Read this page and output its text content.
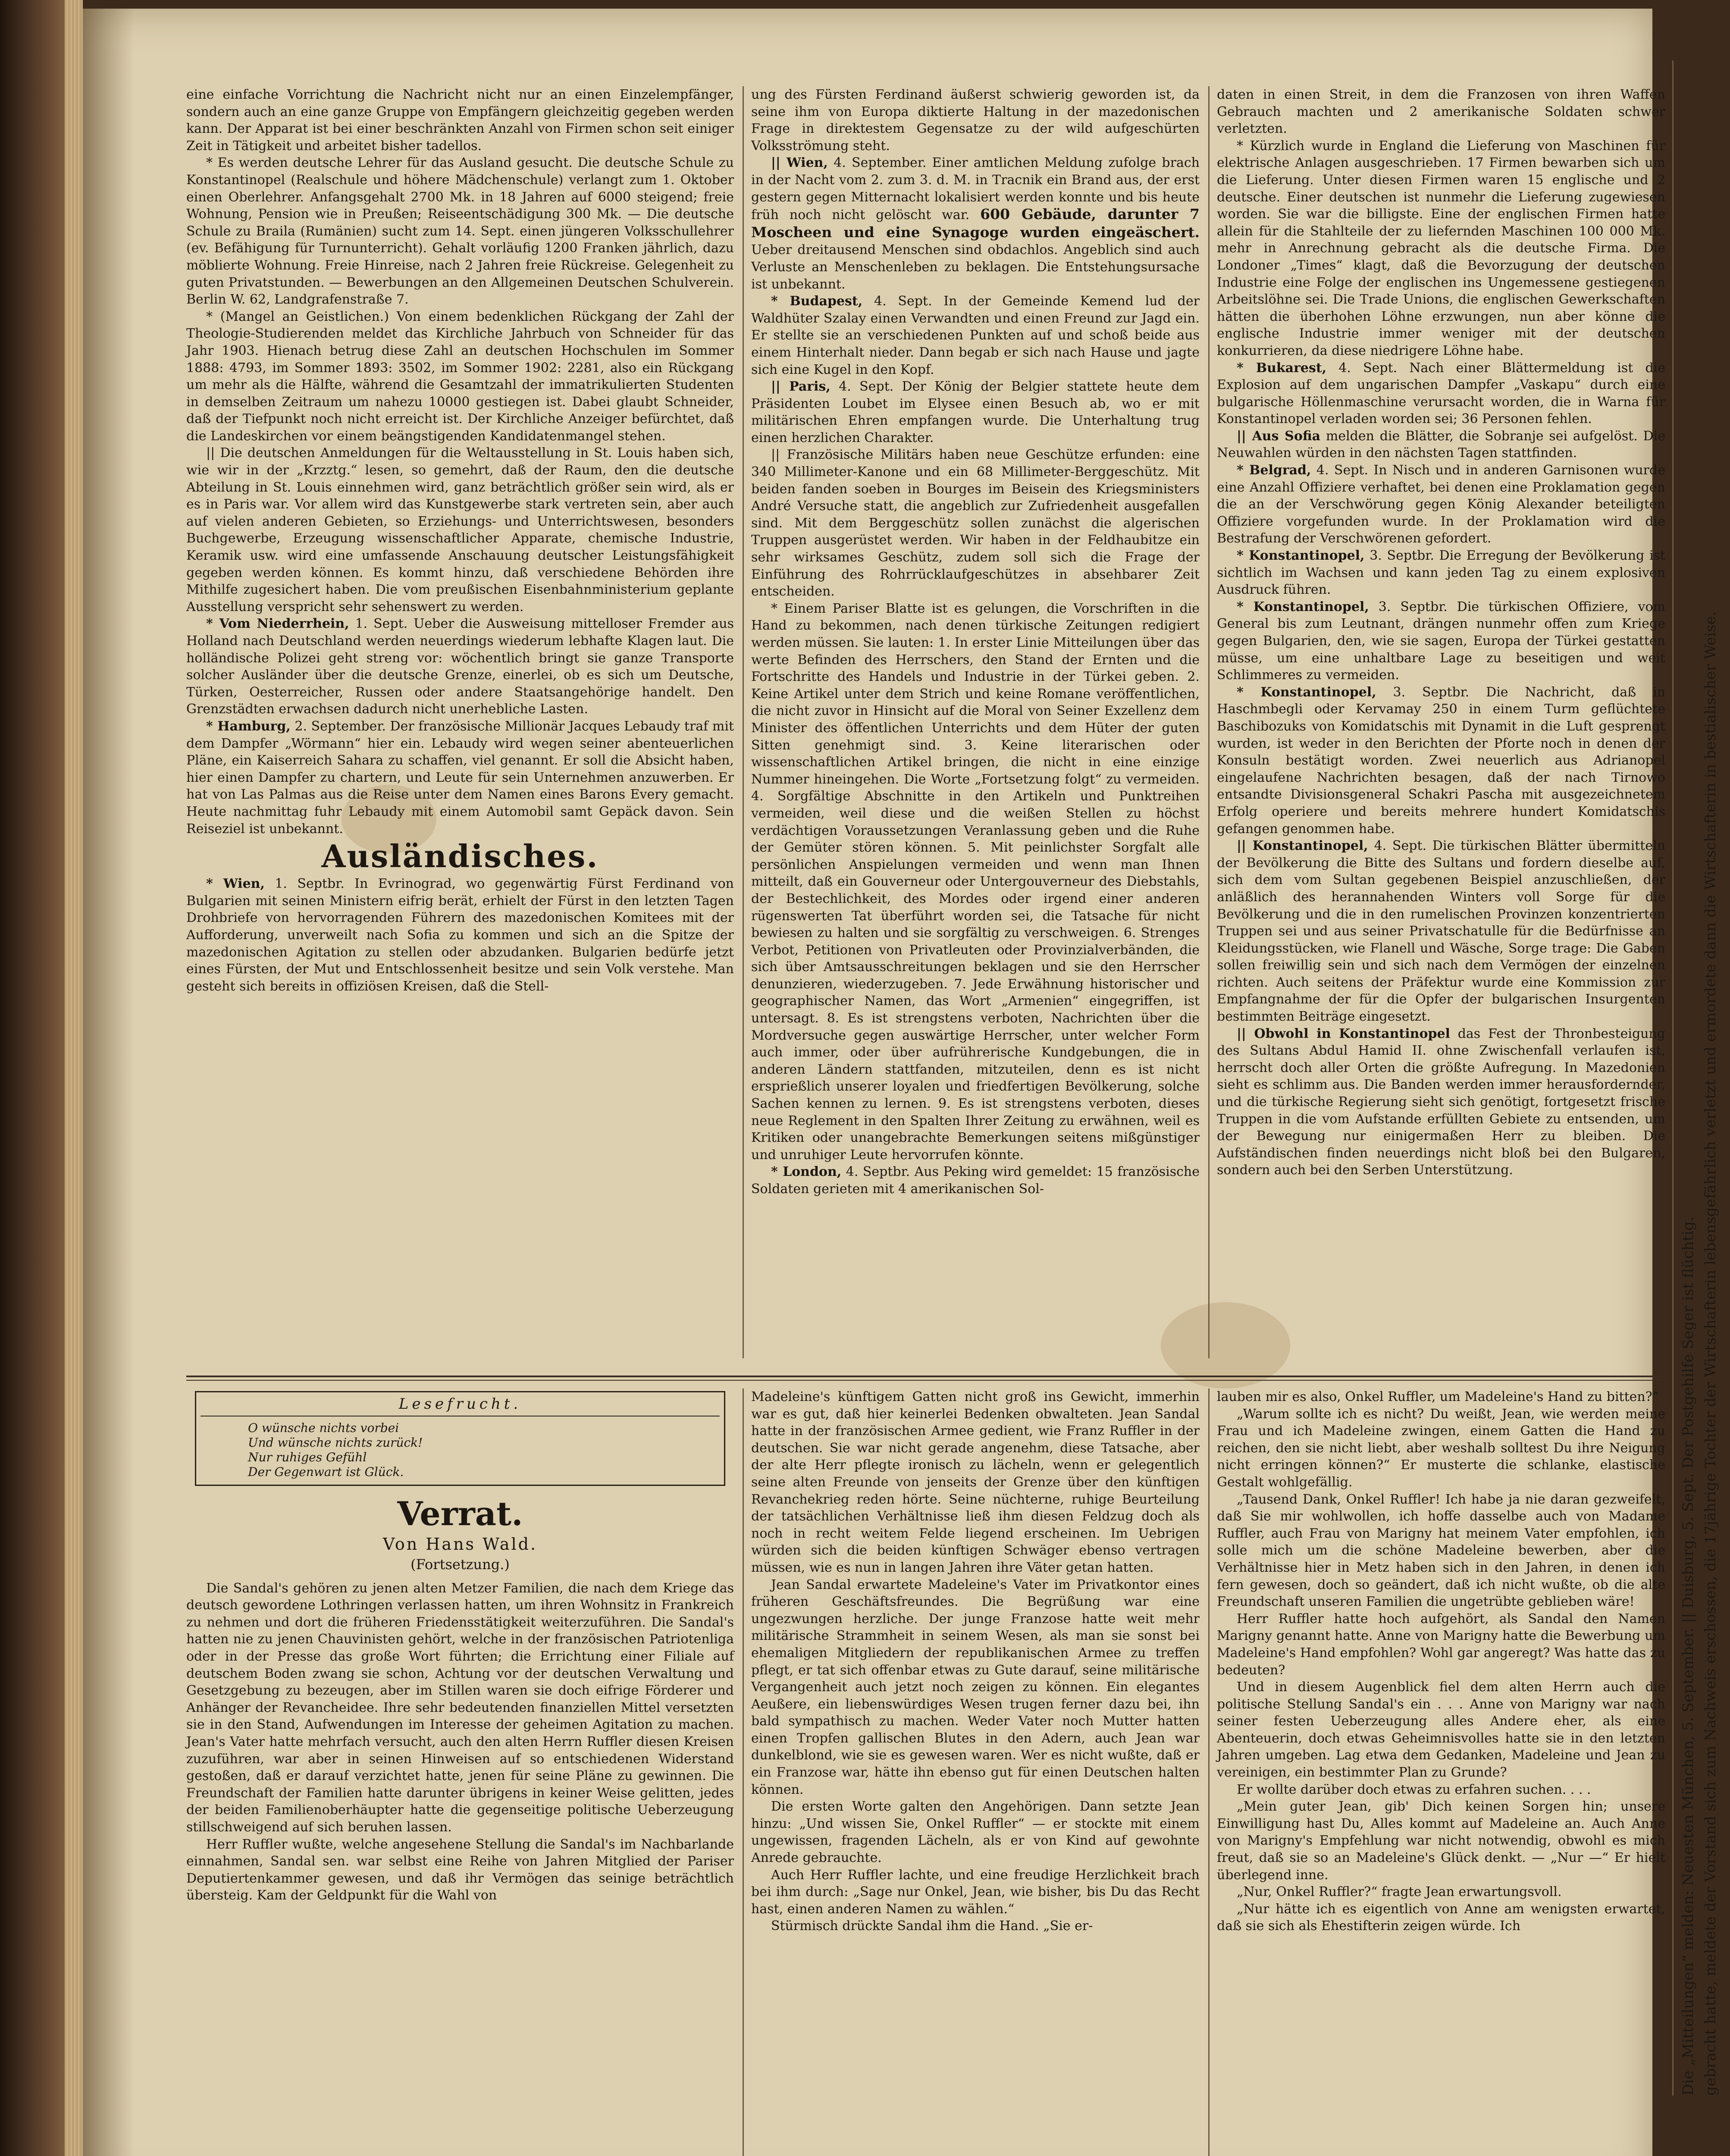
eine einfache Vorrichtung die Nachricht nicht nur an einen Einzelempfänger, sondern auch an eine ganze Gruppe von Empfängern gleichzeitig gegeben werden kann. Der Apparat ist bei einer beschränkten Anzahl von Firmen schon seit einiger Zeit in Tätigkeit und arbeitet bisher tadellos.

* Es werden deutsche Lehrer für das Ausland gesucht. Die deutsche Schule zu Konstantinopel (Realschule und höhere Mädchenschule) verlangt zum 1. Oktober einen Oberlehrer. Anfangsgehalt 2700 Mk. in 18 Jahren auf 6000 steigend; freie Wohnung, Pension wie in Preußen; Reiseentschädigung 300 Mk. — Die deutsche Schule zu Braila (Rumänien) sucht zum 14. Sept. einen jüngeren Volksschullehrer (ev. Befähigung für Turnunterricht). Gehalt vorläufig 1200 Franken jährlich, dazu möblierte Wohnung. Freie Hinreise, nach 2 Jahren freie Rückreise. Gelegenheit zu guten Privatstunden. — Bewerbungen an den Allgemeinen Deutschen Schulverein. Berlin W. 62, Landgrafenstraße 7.

* (Mangel an Geistlichen.) Von einem bedenklichen Rückgang der Zahl der Theologie-Studierenden meldet das Kirchliche Jahrbuch von Schneider für das Jahr 1903. Hienach betrug diese Zahl an deutschen Hochschulen im Sommer 1888: 4793, im Sommer 1893: 3502, im Sommer 1902: 2281, also ein Rückgang um mehr als die Hälfte, während die Gesamtzahl der immatrikulierten Studenten in demselben Zeitraum um nahezu 10000 gestiegen ist. Dabei glaubt Schneider, daß der Tiefpunkt noch nicht erreicht ist. Der Kirchliche Anzeiger befürchtet, daß die Landeskirchen vor einem beängstigenden Kandidatenmangel stehen.

|| Die deutschen Anmeldungen für die Weltausstellung in St. Louis haben sich, wie wir in der „Krzztg.“ lesen, so gemehrt, daß der Raum, den die deutsche Abteilung in St. Louis einnehmen wird, ganz beträchtlich größer sein wird, als er es in Paris war. Vor allem wird das Kunstgewerbe stark vertreten sein, aber auch auf vielen anderen Gebieten, so Erziehungs- und Unterrichtswesen, besonders Buchgewerbe, Erzeugung wissenschaftlicher Apparate, chemische Industrie, Keramik usw. wird eine umfassende Anschauung deutscher Leistungsfähigkeit gegeben werden können. Es kommt hinzu, daß verschiedene Behörden ihre Mithilfe zugesichert haben. Die vom preußischen Eisenbahnministerium geplante Ausstellung verspricht sehr sehenswert zu werden.

* Vom Niederrhein, 1. Sept. Ueber die Ausweisung mittelloser Fremder aus Holland nach Deutschland werden neuerdings wiederum lebhafte Klagen laut. Die holländische Polizei geht streng vor: wöchentlich bringt sie ganze Transporte solcher Ausländer über die deutsche Grenze, einerlei, ob es sich um Deutsche, Türken, Oesterreicher, Russen oder andere Staatsangehörige handelt. Den Grenzstädten erwachsen dadurch nicht unerhebliche Lasten.

* Hamburg, 2. September. Der französische Millionär Jacques Lebaudy traf mit dem Dampfer „Wörmann“ hier ein. Lebaudy wird wegen seiner abenteuerlichen Pläne, ein Kaiserreich Sahara zu schaffen, viel genannt. Er soll die Absicht haben, hier einen Dampfer zu chartern, und Leute für sein Unternehmen anzuwerben. Er hat von Las Palmas aus die Reise unter dem Namen eines Barons Every gemacht. Heute nachmittag fuhr Lebaudy mit einem Automobil samt Gepäck davon. Sein Reiseziel ist unbekannt.

Ausländisches.

* Wien, 1. Septbr. In Evrinograd, wo gegenwärtig Fürst Ferdinand von Bulgarien mit seinen Ministern eifrig berät, erhielt der Fürst in den letzten Tagen Drohbriefe von hervorragenden Führern des mazedonischen Komitees mit der Aufforderung, unverweilt nach Sofia zu kommen und sich an die Spitze der mazedonischen Agitation zu stellen oder abzudanken. Bulgarien bedürfe jetzt eines Fürsten, der Mut und Entschlossenheit besitze und sein Volk verstehe. Man gesteht sich bereits in offiziösen Kreisen, daß die Stell-

ung des Fürsten Ferdinand äußerst schwierig geworden ist, da seine ihm von Europa diktierte Haltung in der mazedonischen Frage in direktestem Gegensatze zu der wild aufgeschürten Volksströmung steht.

|| Wien, 4. September. Einer amtlichen Meldung zufolge brach in der Nacht vom 2. zum 3. d. M. in Tracnik ein Brand aus, der erst gestern gegen Mitternacht lokalisiert werden konnte und bis heute früh noch nicht gelöscht war. 600 Gebäude, darunter 7 Moscheen und eine Synagoge wurden eingeäschert. Ueber dreitausend Menschen sind obdachlos. Angeblich sind auch Verluste an Menschenleben zu beklagen. Die Entstehungsursache ist unbekannt.

* Budapest, 4. Sept. In der Gemeinde Kemend lud der Waldhüter Szalay einen Verwandten und einen Freund zur Jagd ein. Er stellte sie an verschiedenen Punkten auf und schoß beide aus einem Hinterhalt nieder. Dann begab er sich nach Hause und jagte sich eine Kugel in den Kopf.

|| Paris, 4. Sept. Der König der Belgier stattete heute dem Präsidenten Loubet im Elysee einen Besuch ab, wo er mit militärischen Ehren empfangen wurde. Die Unterhaltung trug einen herzlichen Charakter.

|| Französische Militärs haben neue Geschütze erfunden: eine 340 Millimeter-Kanone und ein 68 Millimeter-Berggeschütz. Mit beiden fanden soeben in Bourges im Beisein des Kriegsministers André Versuche statt, die angeblich zur Zufriedenheit ausgefallen sind. Mit dem Berggeschütz sollen zunächst die algerischen Truppen ausgerüstet werden. Wir haben in der Feldhaubitze ein sehr wirksames Geschütz, zudem soll sich die Frage der Einführung des Rohrrücklaufgeschützes in absehbarer Zeit entscheiden.

* Einem Pariser Blatte ist es gelungen, die Vorschriften in die Hand zu bekommen, nach denen türkische Zeitungen redigiert werden müssen. Sie lauten: 1. In erster Linie Mitteilungen über das werte Befinden des Herrschers, den Stand der Ernten und die Fortschritte des Handels und Industrie in der Türkei geben. 2. Keine Artikel unter dem Strich und keine Romane veröffentlichen, die nicht zuvor in Hinsicht auf die Moral von Seiner Exzellenz dem Minister des öffentlichen Unterrichts und dem Hüter der guten Sitten genehmigt sind. 3. Keine literarischen oder wissenschaftlichen Artikel bringen, die nicht in eine einzige Nummer hineingehen. Die Worte „Fortsetzung folgt“ zu vermeiden. 4. Sorgfältige Abschnitte in den Artikeln und Punktreihen vermeiden, weil diese und die weißen Stellen zu höchst verdächtigen Voraussetzungen Veranlassung geben und die Ruhe der Gemüter stören können. 5. Mit peinlichster Sorgfalt alle persönlichen Anspielungen vermeiden und wenn man Ihnen mitteilt, daß ein Gouverneur oder Untergouverneur des Diebstahls, der Bestechlichkeit, des Mordes oder irgend einer anderen rügenswerten Tat überführt worden sei, die Tatsache für nicht bewiesen zu halten und sie sorgfältig zu verschweigen. 6. Strenges Verbot, Petitionen von Privatleuten oder Provinzialverbänden, die sich über Amtsausschreitungen beklagen und sie den Herrscher denunzieren, wiederzugeben. 7. Jede Erwähnung historischer und geographischer Namen, das Wort „Armenien“ eingegriffen, ist untersagt. 8. Es ist strengstens verboten, Nachrichten über die Mordversuche gegen auswärtige Herrscher, unter welcher Form auch immer, oder über aufrührerische Kundgebungen, die in anderen Ländern stattfanden, mitzuteilen, denn es ist nicht ersprießlich unserer loyalen und friedfertigen Bevölkerung, solche Sachen kennen zu lernen. 9. Es ist strengstens verboten, dieses neue Reglement in den Spalten Ihrer Zeitung zu erwähnen, weil es Kritiken oder unangebrachte Bemerkungen seitens mißgünstiger und unruhiger Leute hervorrufen könnte.

* London, 4. Septbr. Aus Peking wird gemeldet: 15 französische Soldaten gerieten mit 4 amerikanischen Sol-

daten in einen Streit, in dem die Franzosen von ihren Waffen Gebrauch machten und 2 amerikanische Soldaten schwer verletzten.

* Kürzlich wurde in England die Lieferung von Maschinen für elektrische Anlagen ausgeschrieben. 17 Firmen bewarben sich um die Lieferung. Unter diesen Firmen waren 15 englische und 2 deutsche. Einer deutschen ist nunmehr die Lieferung zugewiesen worden. Sie war die billigste. Eine der englischen Firmen hatte allein für die Stahlteile der zu liefernden Maschinen 100 000 Mk. mehr in Anrechnung gebracht als die deutsche Firma. Die Londoner „Times“ klagt, daß die Bevorzugung der deutschen Industrie eine Folge der englischen ins Ungemessene gestiegenen Arbeitslöhne sei. Die Trade Unions, die englischen Gewerkschaften hätten die überhohen Löhne erzwungen, nun aber könne die englische Industrie immer weniger mit der deutschen konkurrieren, da diese niedrigere Löhne habe.

* Bukarest, 4. Sept. Nach einer Blättermeldung ist die Explosion auf dem ungarischen Dampfer „Vaskapu“ durch eine bulgarische Höllenmaschine verursacht worden, die in Warna für Konstantinopel verladen worden sei; 36 Personen fehlen.

|| Aus Sofia melden die Blätter, die Sobranje sei aufgelöst. Die Neuwahlen würden in den nächsten Tagen stattfinden.

* Belgrad, 4. Sept. In Nisch und in anderen Garnisonen wurde eine Anzahl Offiziere verhaftet, bei denen eine Proklamation gegen die an der Verschwörung gegen König Alexander beteiligten Offiziere vorgefunden wurde. In der Proklamation wird die Bestrafung der Verschwörenen gefordert.

* Konstantinopel, 3. Septbr. Die Erregung der Bevölkerung ist sichtlich im Wachsen und kann jeden Tag zu einem explosiven Ausdruck führen.

* Konstantinopel, 3. Septbr. Die türkischen Offiziere, vom General bis zum Leutnant, drängen nunmehr offen zum Kriege gegen Bulgarien, den, wie sie sagen, Europa der Türkei gestatten müsse, um eine unhaltbare Lage zu beseitigen und weit Schlimmeres zu vermeiden.

* Konstantinopel, 3. Septbr. Die Nachricht, daß in Haschmbegli oder Kervamay 250 in einem Turm geflüchtete Baschibozuks von Komidatschis mit Dynamit in die Luft gesprengt wurden, ist weder in den Berichten der Pforte noch in denen der Konsuln bestätigt worden. Zwei neuerlich aus Adrianopel eingelaufene Nachrichten besagen, daß der nach Tirnowo entsandte Divisionsgeneral Schakri Pascha mit ausgezeichnetem Erfolg operiere und bereits mehrere hundert Komidatschis gefangen genommen habe.

|| Konstantinopel, 4. Sept. Die türkischen Blätter übermitteln der Bevölkerung die Bitte des Sultans und fordern dieselbe auf, sich dem vom Sultan gegebenen Beispiel anzuschließen, der anläßlich des herannahenden Winters voll Sorge für die Bevölkerung und die in den rumelischen Provinzen konzentrierten Truppen sei und aus seiner Privatschatulle für die Bedürfnisse an Kleidungsstücken, wie Flanell und Wäsche, Sorge trage: Die Gaben sollen freiwillig sein und sich nach dem Vermögen der einzelnen richten. Auch seitens der Präfektur wurde eine Kommission zur Empfangnahme der für die Opfer der bulgarischen Insurgenten bestimmten Beiträge eingesetzt.

|| Obwohl in Konstantinopel das Fest der Thronbesteigung des Sultans Abdul Hamid II. ohne Zwischenfall verlaufen ist, herrscht doch aller Orten die größte Aufregung. In Mazedonien sieht es schlimm aus. Die Banden werden immer herausfordernder, und die türkische Regierung sieht sich genötigt, fortgesetzt frische Truppen in die vom Aufstande erfüllten Gebiete zu entsenden, um der Bewegung nur einigermaßen Herr zu bleiben. Die Aufständischen finden neuerdings nicht bloß bei den Bulgaren, sondern auch bei den Serben Unterstützung.

Lesefrucht.
O wünsche nichts vorbei
Und wünsche nichts zurück!
Nur ruhiges Gefühl
Der Gegenwart ist Glück.
Verrat.
Von Hans Wald.
(Fortsetzung.)

Die Sandal's gehören zu jenen alten Metzer Familien, die nach dem Kriege das deutsch gewordene Lothringen verlassen hatten, um ihren Wohnsitz in Frankreich zu nehmen und dort die früheren Friedensstätigkeit weiterzuführen. Die Sandal's hatten nie zu jenen Chauvinisten gehört, welche in der französischen Patriotenliga oder in der Presse das große Wort führten; die Errichtung einer Filiale auf deutschem Boden zwang sie schon, Achtung vor der deutschen Verwaltung und Gesetzgebung zu bezeugen, aber im Stillen waren sie doch eifrige Förderer und Anhänger der Revancheidee. Ihre sehr bedeutenden finanziellen Mittel versetzten sie in den Stand, Aufwendungen im Interesse der geheimen Agitation zu machen. Jean's Vater hatte mehrfach versucht, auch den alten Herrn Ruffler diesen Kreisen zuzuführen, war aber in seinen Hinweisen auf so entschiedenen Widerstand gestoßen, daß er darauf verzichtet hatte, jenen für seine Pläne zu gewinnen. Die Freundschaft der Familien hatte darunter übrigens in keiner Weise gelitten, jedes der beiden Familienoberhäupter hatte die gegenseitige politische Ueberzeugung stillschweigend auf sich beruhen lassen.

Herr Ruffler wußte, welche angesehene Stellung die Sandal's im Nachbarlande einnahmen, Sandal sen. war selbst eine Reihe von Jahren Mitglied der Pariser Deputiertenkammer gewesen, und daß ihr Vermögen das seinige beträchtlich übersteig. Kam der Geldpunkt für die Wahl von

Madeleine's künftigem Gatten nicht groß ins Gewicht, immerhin war es gut, daß hier keinerlei Bedenken obwalteten. Jean Sandal hatte in der französischen Armee gedient, wie Franz Ruffler in der deutschen. Sie war nicht gerade angenehm, diese Tatsache, aber der alte Herr pflegte ironisch zu lächeln, wenn er gelegentlich seine alten Freunde von jenseits der Grenze über den künftigen Revanchekrieg reden hörte. Seine nüchterne, ruhige Beurteilung der tatsächlichen Verhältnisse ließ ihm diesen Feldzug doch als noch in recht weitem Felde liegend erscheinen. Im Uebrigen würden sich die beiden künftigen Schwäger ebenso vertragen müssen, wie es nun in langen Jahren ihre Väter getan hatten.

Jean Sandal erwartete Madeleine's Vater im Privatkontor eines früheren Geschäftsfreundes. Die Begrüßung war eine ungezwungen herzliche. Der junge Franzose hatte weit mehr militärische Strammheit in seinem Wesen, als man sie sonst bei ehemaligen Mitgliedern der republikanischen Armee zu treffen pflegt, er tat sich offenbar etwas zu Gute darauf, seine militärische Vergangenheit auch jetzt noch zeigen zu können. Ein elegantes Aeußere, ein liebenswürdiges Wesen trugen ferner dazu bei, ihn bald sympathisch zu machen. Weder Vater noch Mutter hatten einen Tropfen gallischen Blutes in den Adern, auch Jean war dunkelblond, wie sie es gewesen waren. Wer es nicht wußte, daß er ein Franzose war, hätte ihn ebenso gut für einen Deutschen halten können.

Die ersten Worte galten den Angehörigen. Dann setzte Jean hinzu: „Und wissen Sie, Onkel Ruffler“ — er stockte mit einem ungewissen, fragenden Lächeln, als er von Kind auf gewohnte Anrede gebrauchte.

Auch Herr Ruffler lachte, und eine freudige Herzlichkeit brach bei ihm durch: „Sage nur Onkel, Jean, wie bisher, bis Du das Recht hast, einen anderen Namen zu wählen.“

Stürmisch drückte Sandal ihm die Hand. „Sie er-

lauben mir es also, Onkel Ruffler, um Madeleine's Hand zu bitten?“

„Warum sollte ich es nicht? Du weißt, Jean, wie werden meine Frau und ich Madeleine zwingen, einem Gatten die Hand zu reichen, den sie nicht liebt, aber weshalb solltest Du ihre Neigung nicht erringen können?“ Er musterte die schlanke, elastische Gestalt wohlgefällig.

„Tausend Dank, Onkel Ruffler! Ich habe ja nie daran gezweifelt, daß Sie mir wohlwollen, ich hoffe dasselbe auch von Madame Ruffler, auch Frau von Marigny hat meinem Vater empfohlen, ich solle mich um die schöne Madeleine bewerben, aber die Verhältnisse hier in Metz haben sich in den Jahren, in denen ich fern gewesen, doch so geändert, daß ich nicht wußte, ob die alte Freundschaft unseren Familien die ungetrübte geblieben wäre!

Herr Ruffler hatte hoch aufgehört, als Sandal den Namen Marigny genannt hatte. Anne von Marigny hatte die Bewerbung um Madeleine's Hand empfohlen? Wohl gar angeregt? Was hatte das zu bedeuten?

Und in diesem Augenblick fiel dem alten Herrn auch die politische Stellung Sandal's ein . . . Anne von Marigny war nach seiner festen Ueberzeugung alles Andere eher, als eine Abenteuerin, doch etwas Geheimnisvolles hatte sie in den letzten Jahren umgeben. Lag etwa dem Gedanken, Madeleine und Jean zu vereinigen, ein bestimmter Plan zu Grunde?

Er wollte darüber doch etwas zu erfahren suchen. . . .

„Mein guter Jean, gib' Dich keinen Sorgen hin; unsere Einwilligung hast Du, Alles kommt auf Madeleine an. Auch Anne von Marigny's Empfehlung war nicht notwendig, obwohl es mich freut, daß sie so an Madeleine's Glück denkt. — „Nur —“ Er hielt überlegend inne.

„Nur, Onkel Ruffler?“ fragte Jean erwartungsvoll.

„Nur hätte ich es eigentlich von Anne am wenigsten erwartet, daß sie sich als Ehestifterin zeigen würde. Ich	Die „Mitteilungen“ melden: Neuesten München, 5. September. || Duisburg, 5. Sept. Der Postgehilfe Seger ist flüchtig. gebracht hatte, meldete der Vorstand sich zum Nachweis erschossen, die 17jährige Tochter der Wirtschafterin lebensgefährlich verletzt und ermordete dann die Wirtschafterin in bestialischer Weise.
